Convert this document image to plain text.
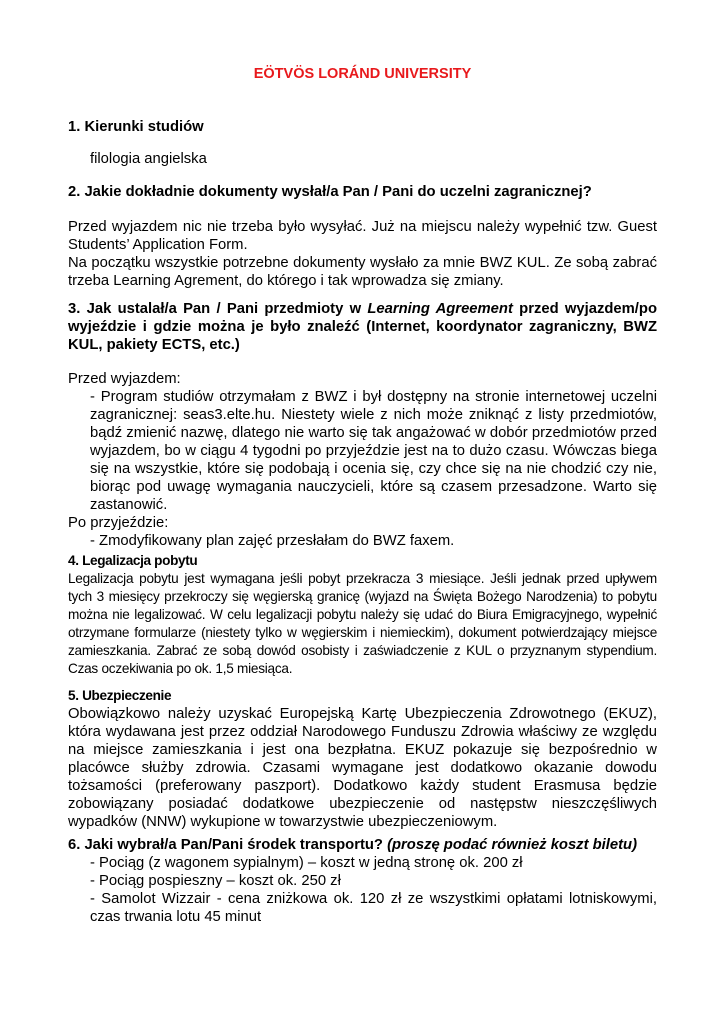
EÖTVÖS LORÁND UNIVERSITY
1. Kierunki studiów
filologia angielska
2. Jakie dokładnie dokumenty wysłał/a Pan / Pani do uczelni zagranicznej?
Przed wyjazdem nic nie trzeba było wysyłać. Już na miejscu należy wypełnić tzw. Guest
Students’ Application Form.
Na początku wszystkie potrzebne dokumenty wysłało za mnie BWZ KUL. Ze sobą zabrać
trzeba Learning Agrement, do którego i tak wprowadza się zmiany.
3. Jak ustalał/a Pan / Pani przedmioty w Learning Agreement przed wyjazdem/po
wyjeździe i gdzie można je było znaleźć (Internet, koordynator zagraniczny, BWZ
KUL, pakiety ECTS, etc.)
Przed wyjazdem:
- Program studiów otrzymałam z BWZ i był dostępny na stronie internetowej uczelni
zagranicznej: seas3.elte.hu. Niestety wiele z nich może zniknąć z listy przedmiotów,
bądź zmienić nazwę, dlatego nie warto się tak angażować w dobór przedmiotów przed
wyjazdem, bo w ciągu 4 tygodni po przyjeździe jest na to dużo czasu. Wówczas biega
się na wszystkie, które się podobają i ocenia się, czy chce się na nie chodzić czy nie,
biorąc pod uwagę wymagania nauczycieli, które są czasem przesadzone. Warto się
zastanowić.
Po przyjeździe:
- Zmodyfikowany plan zajęć przesłałam do BWZ faxem.
4. Legalizacja pobytu
Legalizacja pobytu jest wymagana jeśli pobyt przekracza 3 miesiące. Jeśli jednak przed upływem
tych 3 miesięcy przekroczy się węgierską granicę (wyjazd na Święta Bożego Narodzenia) to pobytu
można nie legalizować. W celu legalizacji pobytu należy się udać do Biura Emigracyjnego, wypełnić
otrzymane formularze (niestety tylko w węgierskim i niemieckim), dokument potwierdzający miejsce
zamieszkania. Zabrać ze sobą dowód osobisty i zaświadczenie z KUL o przyznanym stypendium.
Czas oczekiwania po ok. 1,5 miesiąca.
5. Ubezpieczenie
Obowiązkowo należy uzyskać Europejską Kartę Ubezpieczenia Zdrowotnego (EKUZ),
która wydawana jest przez oddział Narodowego Funduszu Zdrowia właściwy ze względu
na miejsce zamieszkania i jest ona bezpłatna. EKUZ pokazuje się bezpośrednio w
placówce służby zdrowia. Czasami wymagane jest dodatkowo okazanie dowodu
tożsamości (preferowany paszport). Dodatkowo każdy student Erasmusa będzie
zobowiązany posiadać dodatkowe ubezpieczenie od następstw nieszczęśliwych
wypadków (NNW) wykupione w towarzystwie ubezpieczeniowym.
6. Jaki wybrał/a Pan/Pani środek transportu? (proszę podać również koszt biletu)
- Pociąg (z wagonem sypialnym) – koszt w jedną stronę ok. 200 zł
- Pociąg pospieszny – koszt ok. 250 zł
- Samolot Wizzair - cena zniżkowa ok. 120 zł ze wszystkimi opłatami lotniskowymi,
czas trwania lotu 45 minut
